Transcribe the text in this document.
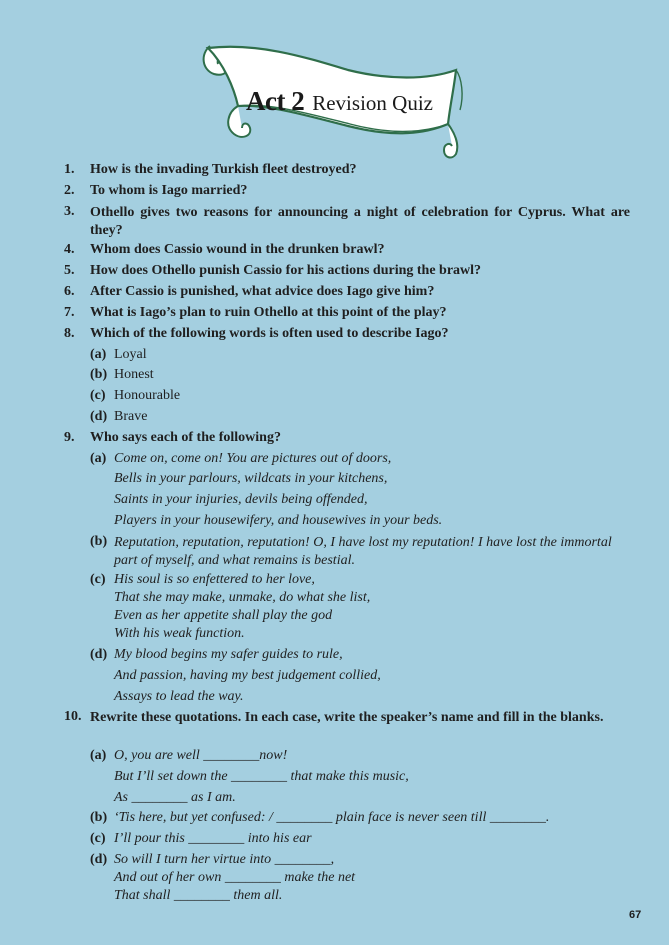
Act 2 Revision Quiz
1. How is the invading Turkish fleet destroyed?
2. To whom is Iago married?
3. Othello gives two reasons for announcing a night of celebration for Cyprus. What are they?
4. Whom does Cassio wound in the drunken brawl?
5. How does Othello punish Cassio for his actions during the brawl?
6. After Cassio is punished, what advice does Iago give him?
7. What is Iago’s plan to ruin Othello at this point of the play?
8. Which of the following words is often used to describe Iago?
(a) Loyal
(b) Honest
(c) Honourable
(d) Brave
9. Who says each of the following?
(a) Come on, come on! You are pictures out of doors,
Bells in your parlours, wildcats in your kitchens,
Saints in your injuries, devils being offended,
Players in your housewifery, and housewives in your beds.
(b) Reputation, reputation, reputation! O, I have lost my reputation! I have lost the immortal part of myself, and what remains is bestial.
(c) His soul is so enfettered to her love,
That she may make, unmake, do what she list,
Even as her appetite shall play the god
With his weak function.
(d) My blood begins my safer guides to rule,
And passion, having my best judgement collied,
Assays to lead the way.
10. Rewrite these quotations. In each case, write the speaker’s name and fill in the blanks.
(a) O, you are well ________now!
But I’ll set down the ________ that make this music,
As ________ as I am.
(b) ‘Tis here, but yet confused: / ________ plain face is never seen till ________.
(c) I’ll pour this ________ into his ear
(d) So will I turn her virtue into ________,
And out of her own ________ make the net
That shall ________ them all.
67
